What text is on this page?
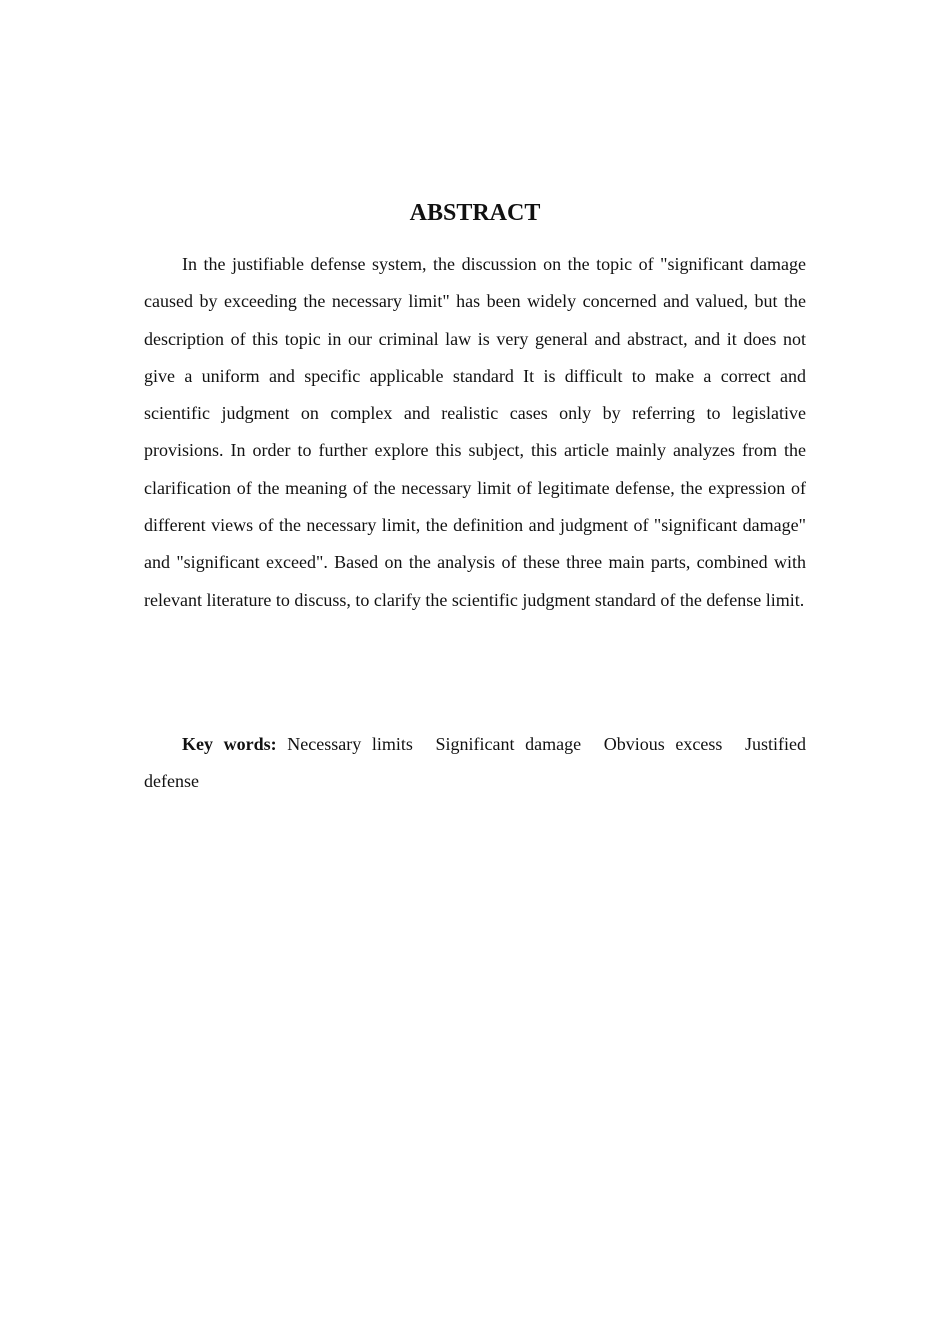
ABSTRACT

In the justifiable defense system, the discussion on the topic of "significant damage caused by exceeding the necessary limit" has been widely concerned and valued, but the description of this topic in our criminal law is very general and abstract, and it does not give a uniform and specific applicable standard It is difficult to make a correct and scientific judgment on complex and realistic cases only by referring to legislative provisions. In order to further explore this subject, this article mainly analyzes from the clarification of the meaning of the necessary limit of legitimate defense, the expression of different views of the necessary limit, the definition and judgment of "significant damage" and "significant exceed". Based on the analysis of these three main parts, combined with relevant literature to discuss, to clarify the scientific judgment standard of the defense limit.

Key words: Necessary limits Significant damage Obvious excess Justified defense
